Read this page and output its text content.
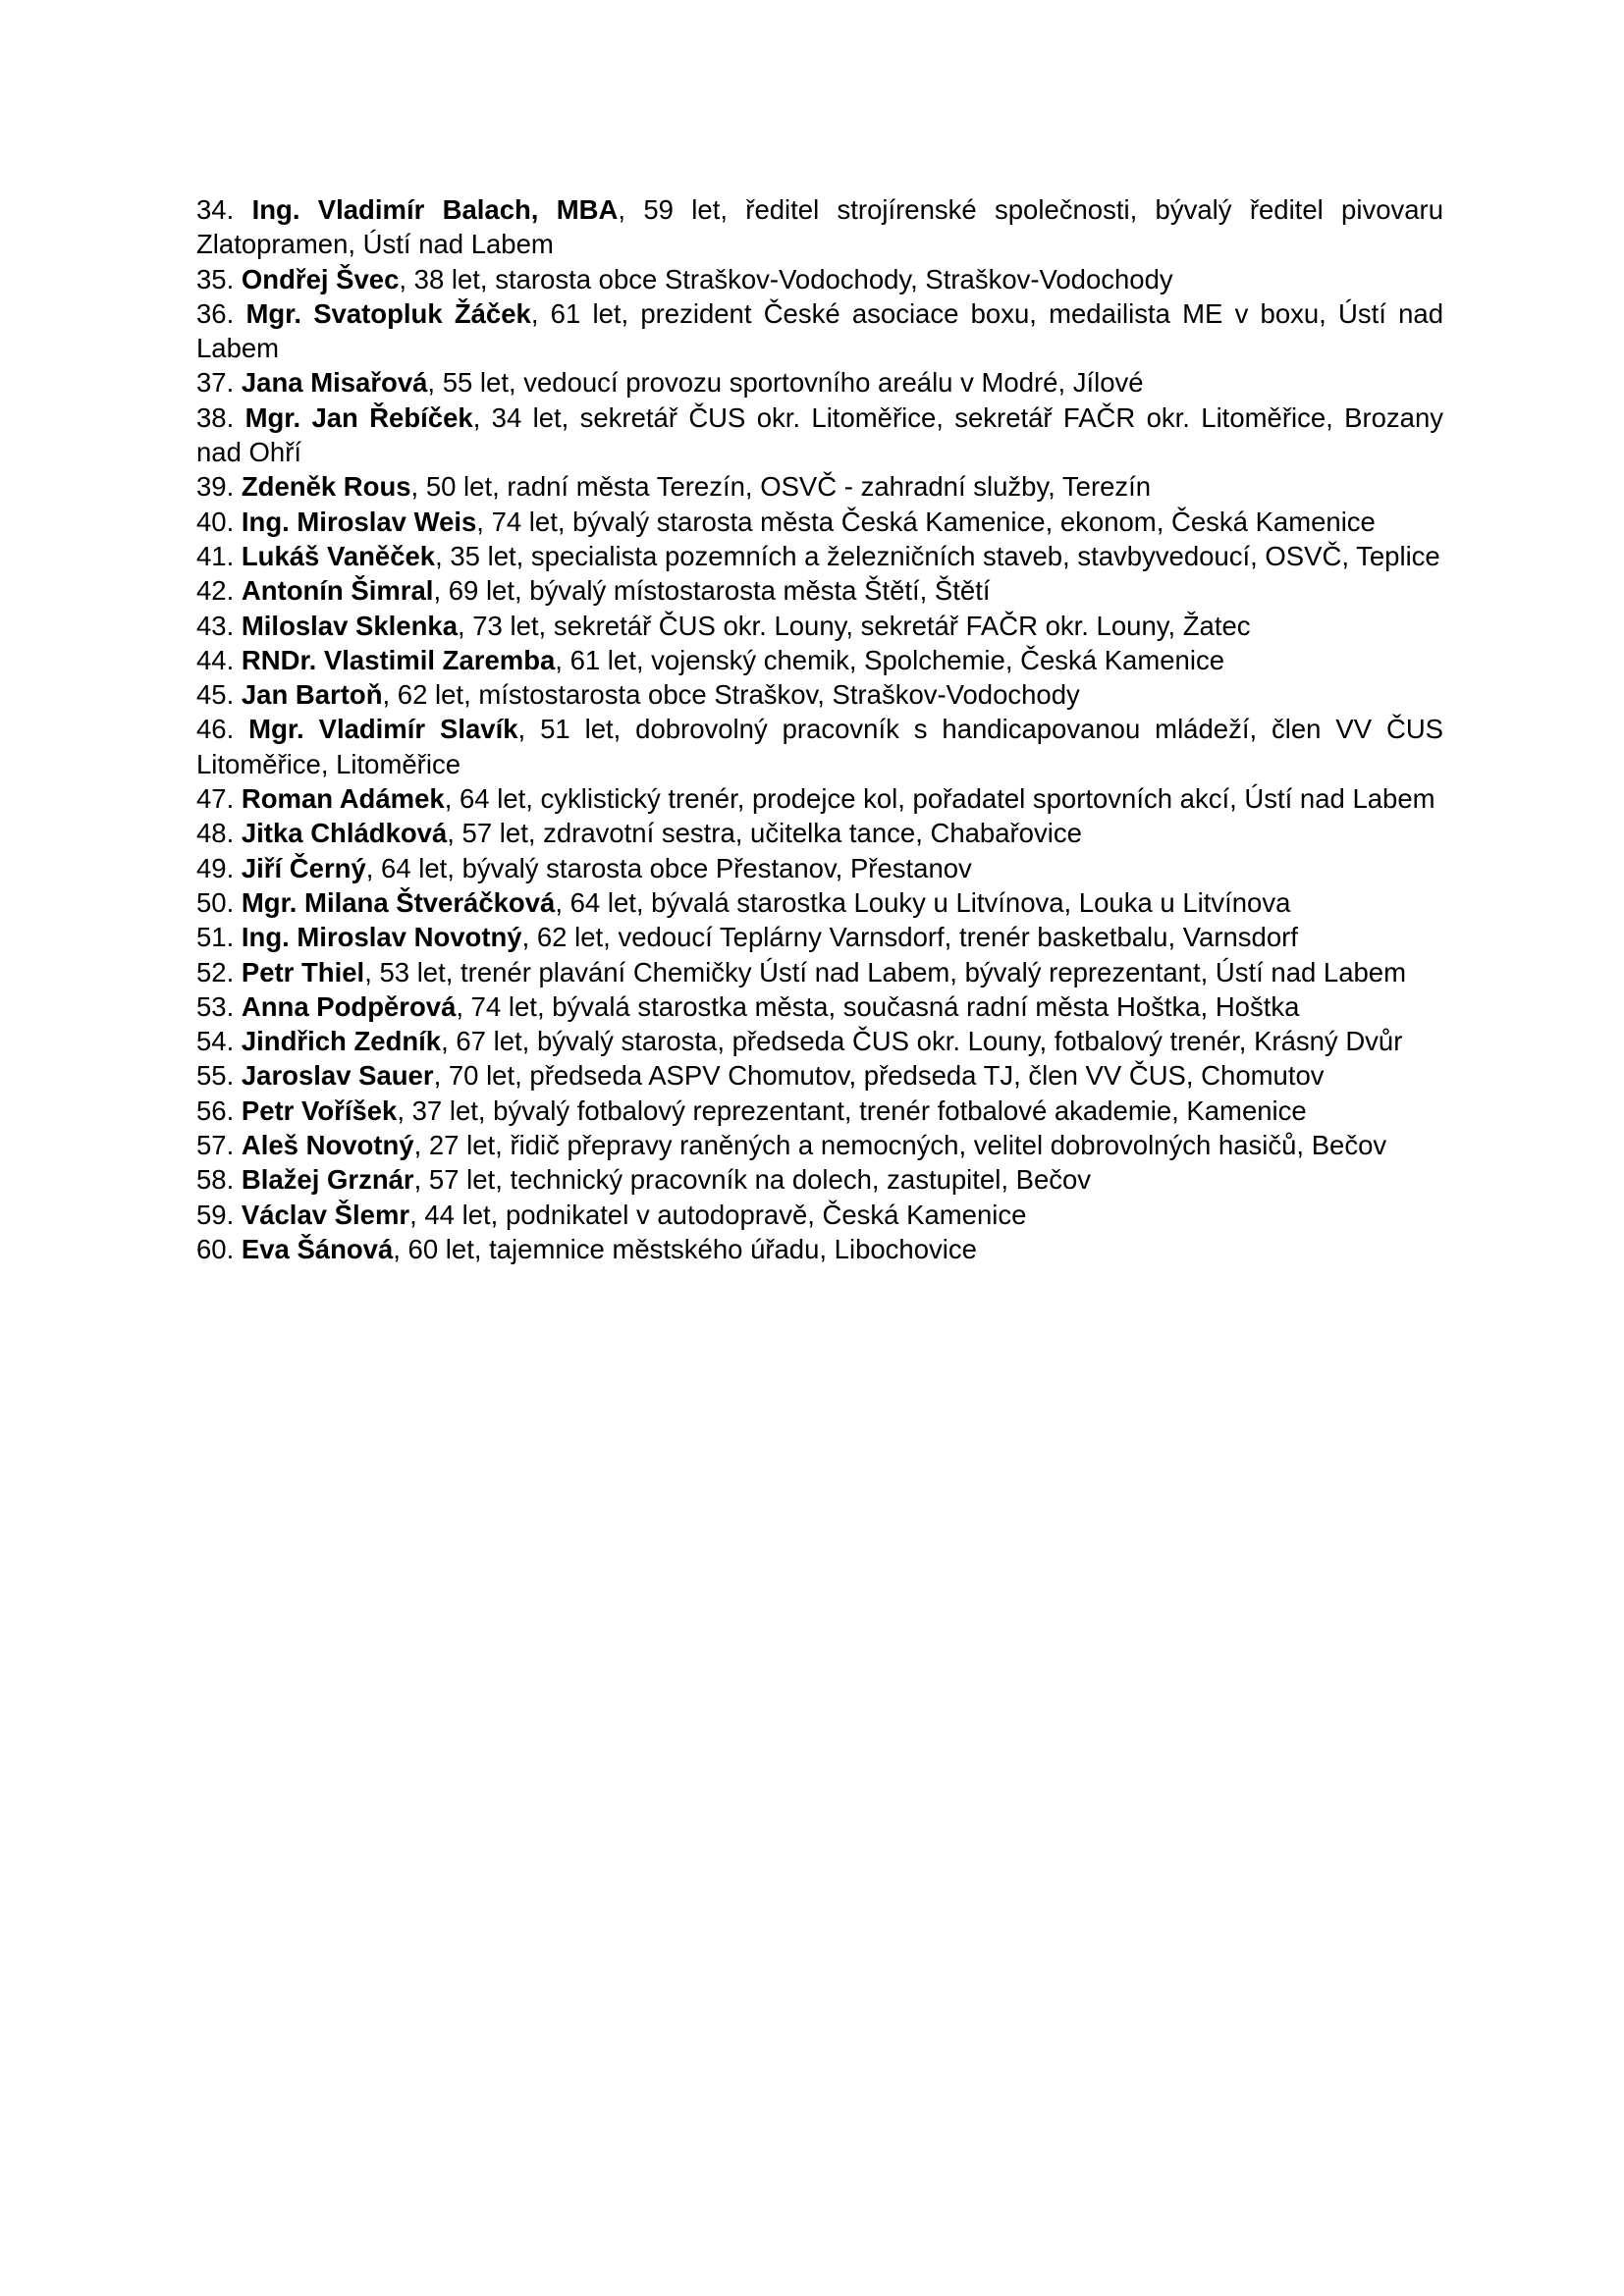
34. Ing. Vladimír Balach, MBA, 59 let, ředitel strojírenské společnosti, bývalý ředitel pivovaru Zlatopramen, Ústí nad Labem
35. Ondřej Švec, 38 let, starosta obce Straškov-Vodochody, Straškov-Vodochody
36. Mgr. Svatopluk Žáček, 61 let, prezident České asociace boxu, medailista ME v boxu, Ústí nad Labem
37. Jana Misařová, 55 let, vedoucí provozu sportovního areálu v Modré, Jílové
38. Mgr. Jan Řebíček, 34 let, sekretář ČUS okr. Litoměřice, sekretář FAČR okr. Litoměřice, Brozany nad Ohří
39. Zdeněk Rous, 50 let, radní města Terezín, OSVČ - zahradní služby, Terezín
40. Ing. Miroslav Weis, 74 let, bývalý starosta města Česká Kamenice, ekonom, Česká Kamenice
41. Lukáš Vaněček, 35 let, specialista pozemních a železničních staveb, stavbyvedoucí, OSVČ, Teplice
42. Antonín Šimral, 69 let, bývalý místostarosta města Štětí, Štětí
43. Miloslav Sklenka, 73 let, sekretář ČUS okr. Louny, sekretář FAČR okr. Louny, Žatec
44. RNDr. Vlastimil Zaremba, 61 let, vojenský chemik, Spolchemie, Česká Kamenice
45. Jan Bartoň, 62 let, místostarosta obce Straškov, Straškov-Vodochody
46. Mgr. Vladimír Slavík, 51 let, dobrovolný pracovník s handicapovanou mládeží, člen VV ČUS Litoměřice, Litoměřice
47. Roman Adámek, 64 let, cyklistický trenér, prodejce kol, pořadatel sportovních akcí, Ústí nad Labem
48. Jitka Chládková, 57 let, zdravotní sestra, učitelka tance, Chabařovice
49. Jiří Černý, 64 let, bývalý starosta obce Přestanov, Přestanov
50. Mgr. Milana Štveráčková, 64 let, bývalá starostka Louky u Litvínova, Louka u Litvínova
51. Ing. Miroslav Novotný, 62 let, vedoucí Teplárny Varnsdorf, trenér basketbalu, Varnsdorf
52. Petr Thiel, 53 let, trenér plavání Chemičky Ústí nad Labem, bývalý reprezentant, Ústí nad Labem
53. Anna Podpěrová, 74 let, bývalá starostka města, současná radní města Hoštka, Hoštka
54. Jindřich Zedník, 67 let, bývalý starosta, předseda ČUS okr. Louny, fotbalový trenér, Krásný Dvůr
55. Jaroslav Sauer, 70 let, předseda ASPV Chomutov, předseda TJ, člen VV ČUS, Chomutov
56. Petr Voříšek, 37 let, bývalý fotbalový reprezentant, trenér fotbalové akademie, Kamenice
57. Aleš Novotný, 27 let, řidič přepravy raněných a nemocných, velitel dobrovolných hasičů, Bečov
58. Blažej Grznár, 57 let, technický pracovník na dolech, zastupitel, Bečov
59. Václav Šlemr, 44 let, podnikatel v autodopravě, Česká Kamenice
60. Eva Šánová, 60 let, tajemnice městského úřadu, Libochovice
